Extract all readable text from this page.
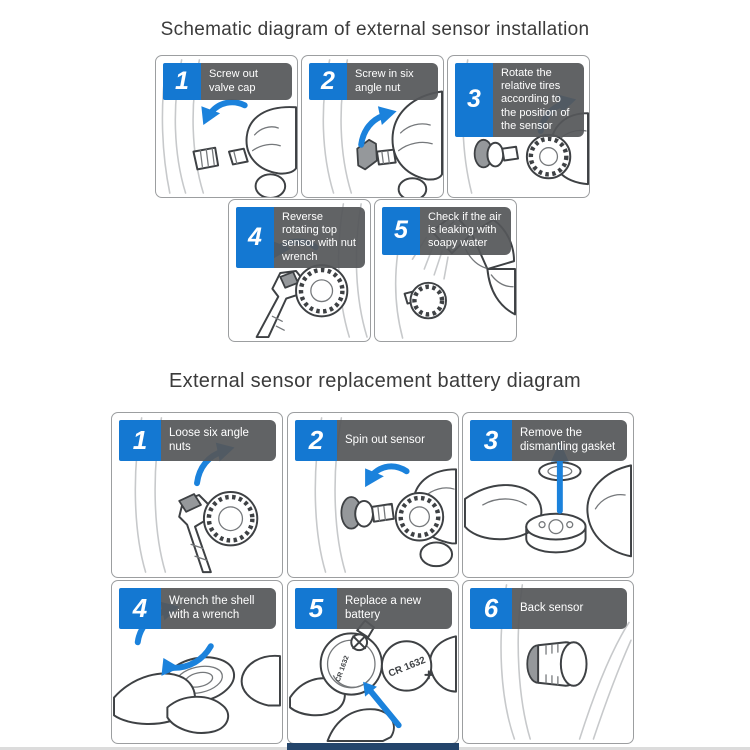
Schematic diagram of external sensor installation
1	Screw out valve cap	2	Screw in six angle nut	3
Rotate the relative tires according to the position of the sensor
4
Reverse rotating top sensor with nut wrench
5	Check if the air is leaking with soapy water
External sensor replacement battery diagram
1	Loose six angle nuts	2	Spin out sensor	3	Remove the dismantling gasket
4	Wrench the shell with a wrench
CR 1632	CR 1632
5	Replace a new battery	6	Back sensor
